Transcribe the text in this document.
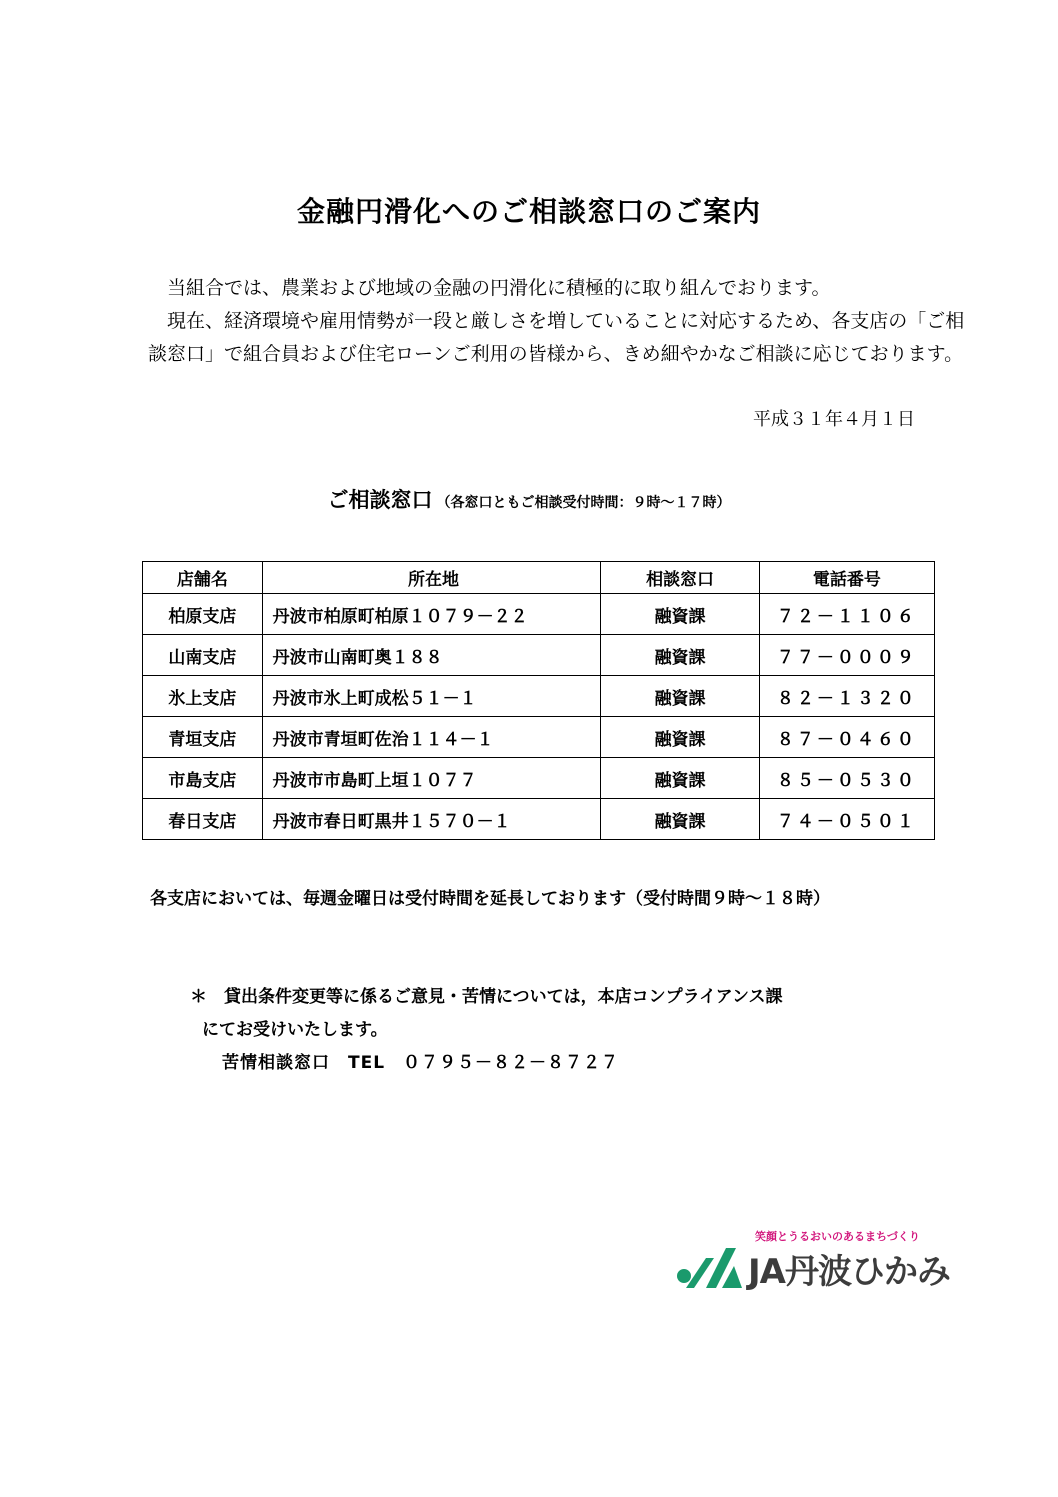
金融円滑化へのご相談窓口のご案内

当組合では、農業および地域の金融の円滑化に積極的に取り組んでおります。

現在、経済環境や雇用情勢が一段と厳しさを増していることに対応するため、各支店の「ご相談窓口」で組合員および住宅ローンご利用の皆様から、きめ細やかなご相談に応じております。

平成３１年４月１日
ご相談窓口 （各窓口ともご相談受付時間：９時～１７時）
店舗名	所在地	相談窓口	電話番号
柏原支店	丹波市柏原町柏原１０７９－２２	融資課	７２－１１０６
山南支店	丹波市山南町奥１８８	融資課	７７－０００９
氷上支店	丹波市氷上町成松５１－１	融資課	８２－１３２０
青垣支店	丹波市青垣町佐治１１４－１	融資課	８７－０４６０
市島支店	丹波市市島町上垣１０７７	融資課	８５－０５３０
春日支店	丹波市春日町黒井１５７０－１	融資課	７４－０５０１
各支店においては、毎週金曜日は受付時間を延長しております（受付時間９時～１８時）
＊　貸出条件変更等に係るご意見・苦情については，本店コンプライアンス課
にてお受けいたします。
苦情相談窓口　TEL　０７９５－８２－８７２７
笑顔とうるおいのあるまちづくり
JA丹波ひかみ
